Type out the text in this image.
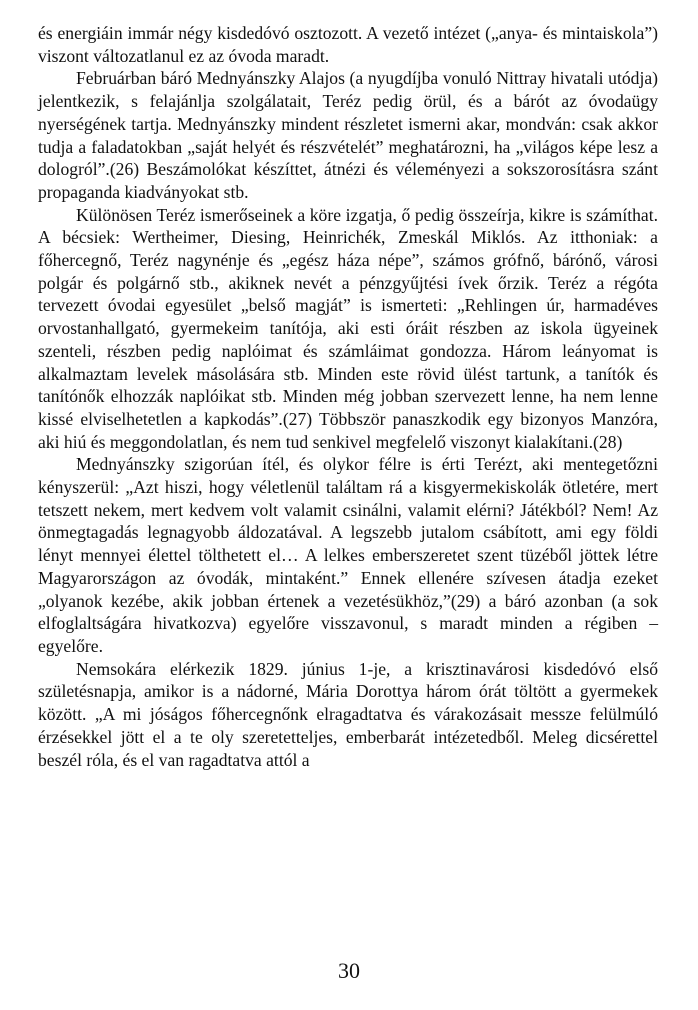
és energiáin immár négy kisdedóvó osztozott. A vezető intézet („anya- és mintaiskola”) viszont változatlanul ez az óvoda maradt.

Februárban báró Mednyánszky Alajos (a nyugdíjba vonuló Nittray hivatali utódja) jelentkezik, s felajánlja szolgálatait, Teréz pedig örül, és a bárót az óvodaügy nyerségének tartja. Mednyánszky mindent részletet ismerni akar, mondván: csak akkor tudja a faladatokban „saját helyét és részvételét” meghatározni, ha „világos képe lesz a dologról”.(26) Beszámolókat készíttet, átnézi és véleményezi a sokszorosításra szánt propaganda kiadványokat stb.

Különösen Teréz ismerőseinek a köre izgatja, ő pedig összeírja, kikre is számíthat. A bécsiek: Wertheimer, Diesing, Heinrichék, Zmeskál Miklós. Az itthoniak: a főhercegnő, Teréz nagynénje és „egész háza népe”, számos grófnő, bárónő, városi polgár és polgárnő stb., akiknek nevét a pénzgyűjtési ívek őrzik. Teréz a régóta tervezett óvodai egyesület „belső magját” is ismerteti: „Rehlingen úr, harmadéves orvostanhallgató, gyermekeim tanítója, aki esti óráit részben az iskola ügyeinek szenteli, részben pedig naplóimat és számláimat gondozza. Három leányomat is alkalmaztam levelek másolására stb. Minden este rövid ülést tartunk, a tanítók és tanítónők elhozzák naplóikat stb. Minden még jobban szervezett lenne, ha nem lenne kissé elviselhetetlen a kapkodás”.(27) Többször panaszkodik egy bizonyos Manzóra, aki hiú és meggondolatlan, és nem tud senkivel megfelelő viszonyt kialakítani.(28)

Mednyánszky szigorúan ítél, és olykor félre is érti Terézt, aki mentegetőzni kényszerül: „Azt hiszi, hogy véletlenül találtam rá a kisgyermekiskolák ötletére, mert tetszett nekem, mert kedvem volt valamit csinálni, valamit elérni? Játékból? Nem! Az önmegtagadás legnagyobb áldozatával. A legszebb jutalom csábított, ami egy földi lényt mennyei élettel tölthetett el… A lelkes emberszeretet szent tüzéből jöttek létre Magyarországon az óvodák, mintaként.” Ennek ellenére szívesen átadja ezeket „olyanok kezébe, akik jobban értenek a vezetésükhöz,”(29) a báró azonban (a sok elfoglaltságára hivatkozva) egyelőre visszavonul, s maradt minden a régiben – egyelőre.

Nemsokára elérkezik 1829. június 1-je, a krisztinavárosi kisdedóvó első születésnapja, amikor is a nádorné, Mária Dorottya három órát töltött a gyermekek között. „A mi jóságos főhercegnőnk elragadtatva és várakozásait messze felülmúló érzésekkel jött el a te oly szeretetteljes, emberbarát intézetedből. Meleg dicsérettel beszél róla, és el van ragadtatva attól a

30
